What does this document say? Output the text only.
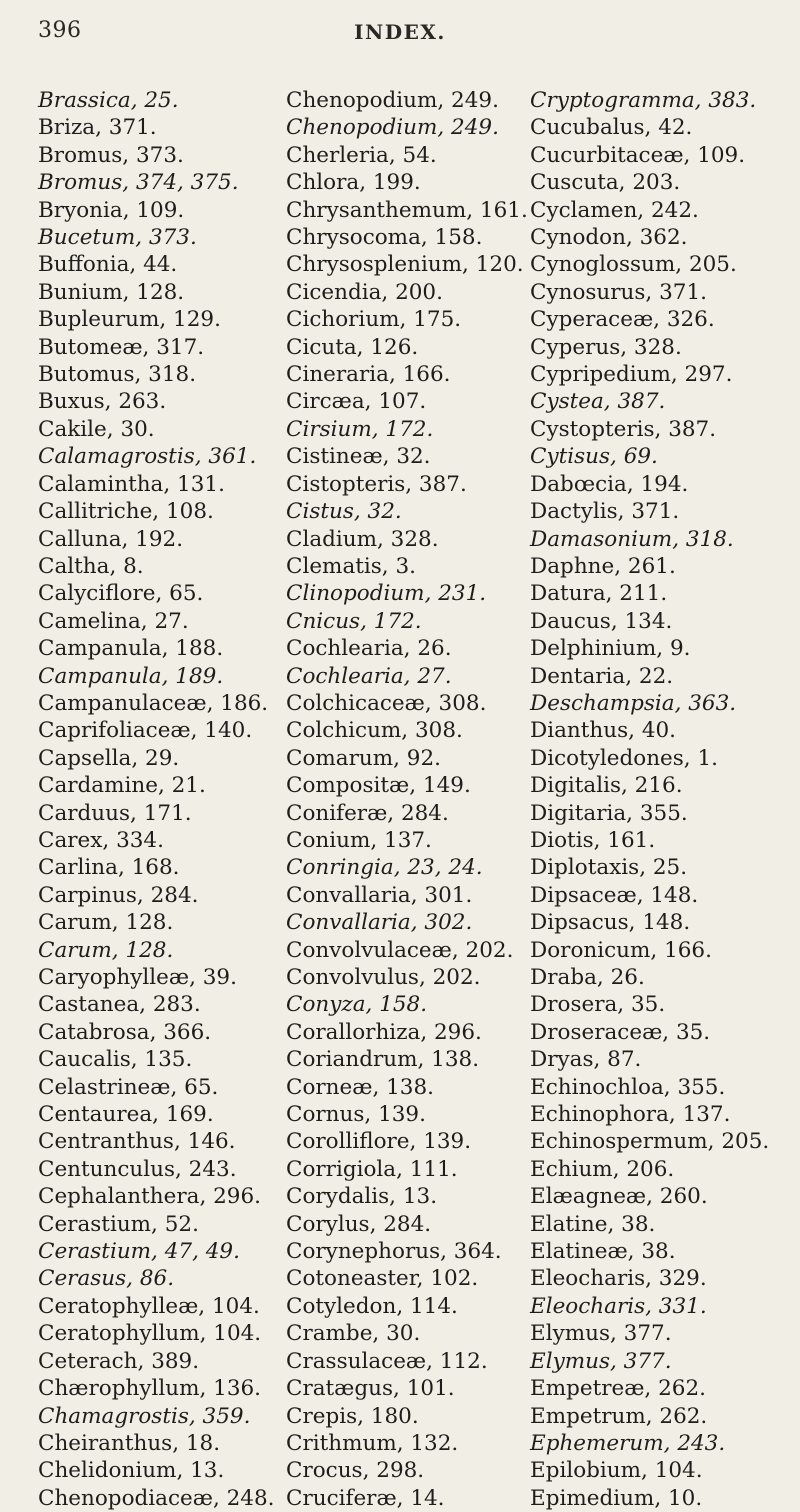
396	INDEX.
Brassica, 25.
Briza, 371.
Bromus, 373.
Bromus, 374, 375.
Bryonia, 109.
Bucetum, 373.
Buffonia, 44.
Bunium, 128.
Bupleurum, 129.
Butomeæ, 317.
Butomus, 318.
Buxus, 263.
Cakile, 30.
Calamagrostis, 361.
Calamintha, 131.
Callitriche, 108.
Calluna, 192.
Caltha, 8.
Calyciflore, 65.
Camelina, 27.
Campanula, 188.
Campanula, 189.
Campanulaceæ, 186.
Caprifoliaceæ, 140.
Capsella, 29.
Cardamine, 21.
Carduus, 171.
Carex, 334.
Carlina, 168.
Carpinus, 284.
Carum, 128.
Carum, 128.
Caryophylleæ, 39.
Castanea, 283.
Catabrosa, 366.
Caucalis, 135.
Celastrineæ, 65.
Centaurea, 169.
Centranthus, 146.
Centunculus, 243.
Cephalanthera, 296.
Cerastium, 52.
Cerastium, 47, 49.
Cerasus, 86.
Ceratophylleæ, 104.
Ceratophyllum, 104.
Ceterach, 389.
Chærophyllum, 136.
Chamagrostis, 359.
Cheiranthus, 18.
Chelidonium, 13.
Chenopodiaceæ, 248.
Chenopodium, 249.
Chenopodium, 249.
Cherleria, 54.
Chlora, 199.
Chrysanthemum, 161.
Chrysocoma, 158.
Chrysosplenium, 120.
Cicendia, 200.
Cichorium, 175.
Cicuta, 126.
Cineraria, 166.
Circæa, 107.
Cirsium, 172.
Cistineæ, 32.
Cistopteris, 387.
Cistus, 32.
Cladium, 328.
Clematis, 3.
Clinopodium, 231.
Cnicus, 172.
Cochlearia, 26.
Cochlearia, 27.
Colchicaceæ, 308.
Colchicum, 308.
Comarum, 92.
Compositæ, 149.
Coniferæ, 284.
Conium, 137.
Conringia, 23, 24.
Convallaria, 301.
Convallaria, 302.
Convolvulaceæ, 202.
Convolvulus, 202.
Conyza, 158.
Corallorhiza, 296.
Coriandrum, 138.
Corneæ, 138.
Cornus, 139.
Corolliflore, 139.
Corrigiola, 111.
Corydalis, 13.
Corylus, 284.
Corynephorus, 364.
Cotoneaster, 102.
Cotyledon, 114.
Crambe, 30.
Crassulaceæ, 112.
Cratægus, 101.
Crepis, 180.
Crithmum, 132.
Crocus, 298.
Cruciferæ, 14.
Cryptogramma, 383.
Cucubalus, 42.
Cucurbitaceæ, 109.
Cuscuta, 203.
Cyclamen, 242.
Cynodon, 362.
Cynoglossum, 205.
Cynosurus, 371.
Cyperaceæ, 326.
Cyperus, 328.
Cypripedium, 297.
Cystea, 387.
Cystopteris, 387.
Cytisus, 69.
Dabœcia, 194.
Dactylis, 371.
Damasonium, 318.
Daphne, 261.
Datura, 211.
Daucus, 134.
Delphinium, 9.
Dentaria, 22.
Deschampsia, 363.
Dianthus, 40.
Dicotyledones, 1.
Digitalis, 216.
Digitaria, 355.
Diotis, 161.
Diplotaxis, 25.
Dipsaceæ, 148.
Dipsacus, 148.
Doronicum, 166.
Draba, 26.
Drosera, 35.
Droseraceæ, 35.
Dryas, 87.
Echinochloa, 355.
Echinophora, 137.
Echinospermum, 205.
Echium, 206.
Elæagneæ, 260.
Elatine, 38.
Elatineæ, 38.
Eleocharis, 329.
Eleocharis, 331.
Elymus, 377.
Elymus, 377.
Empetreæ, 262.
Empetrum, 262.
Ephemerum, 243.
Epilobium, 104.
Epimedium, 10.
